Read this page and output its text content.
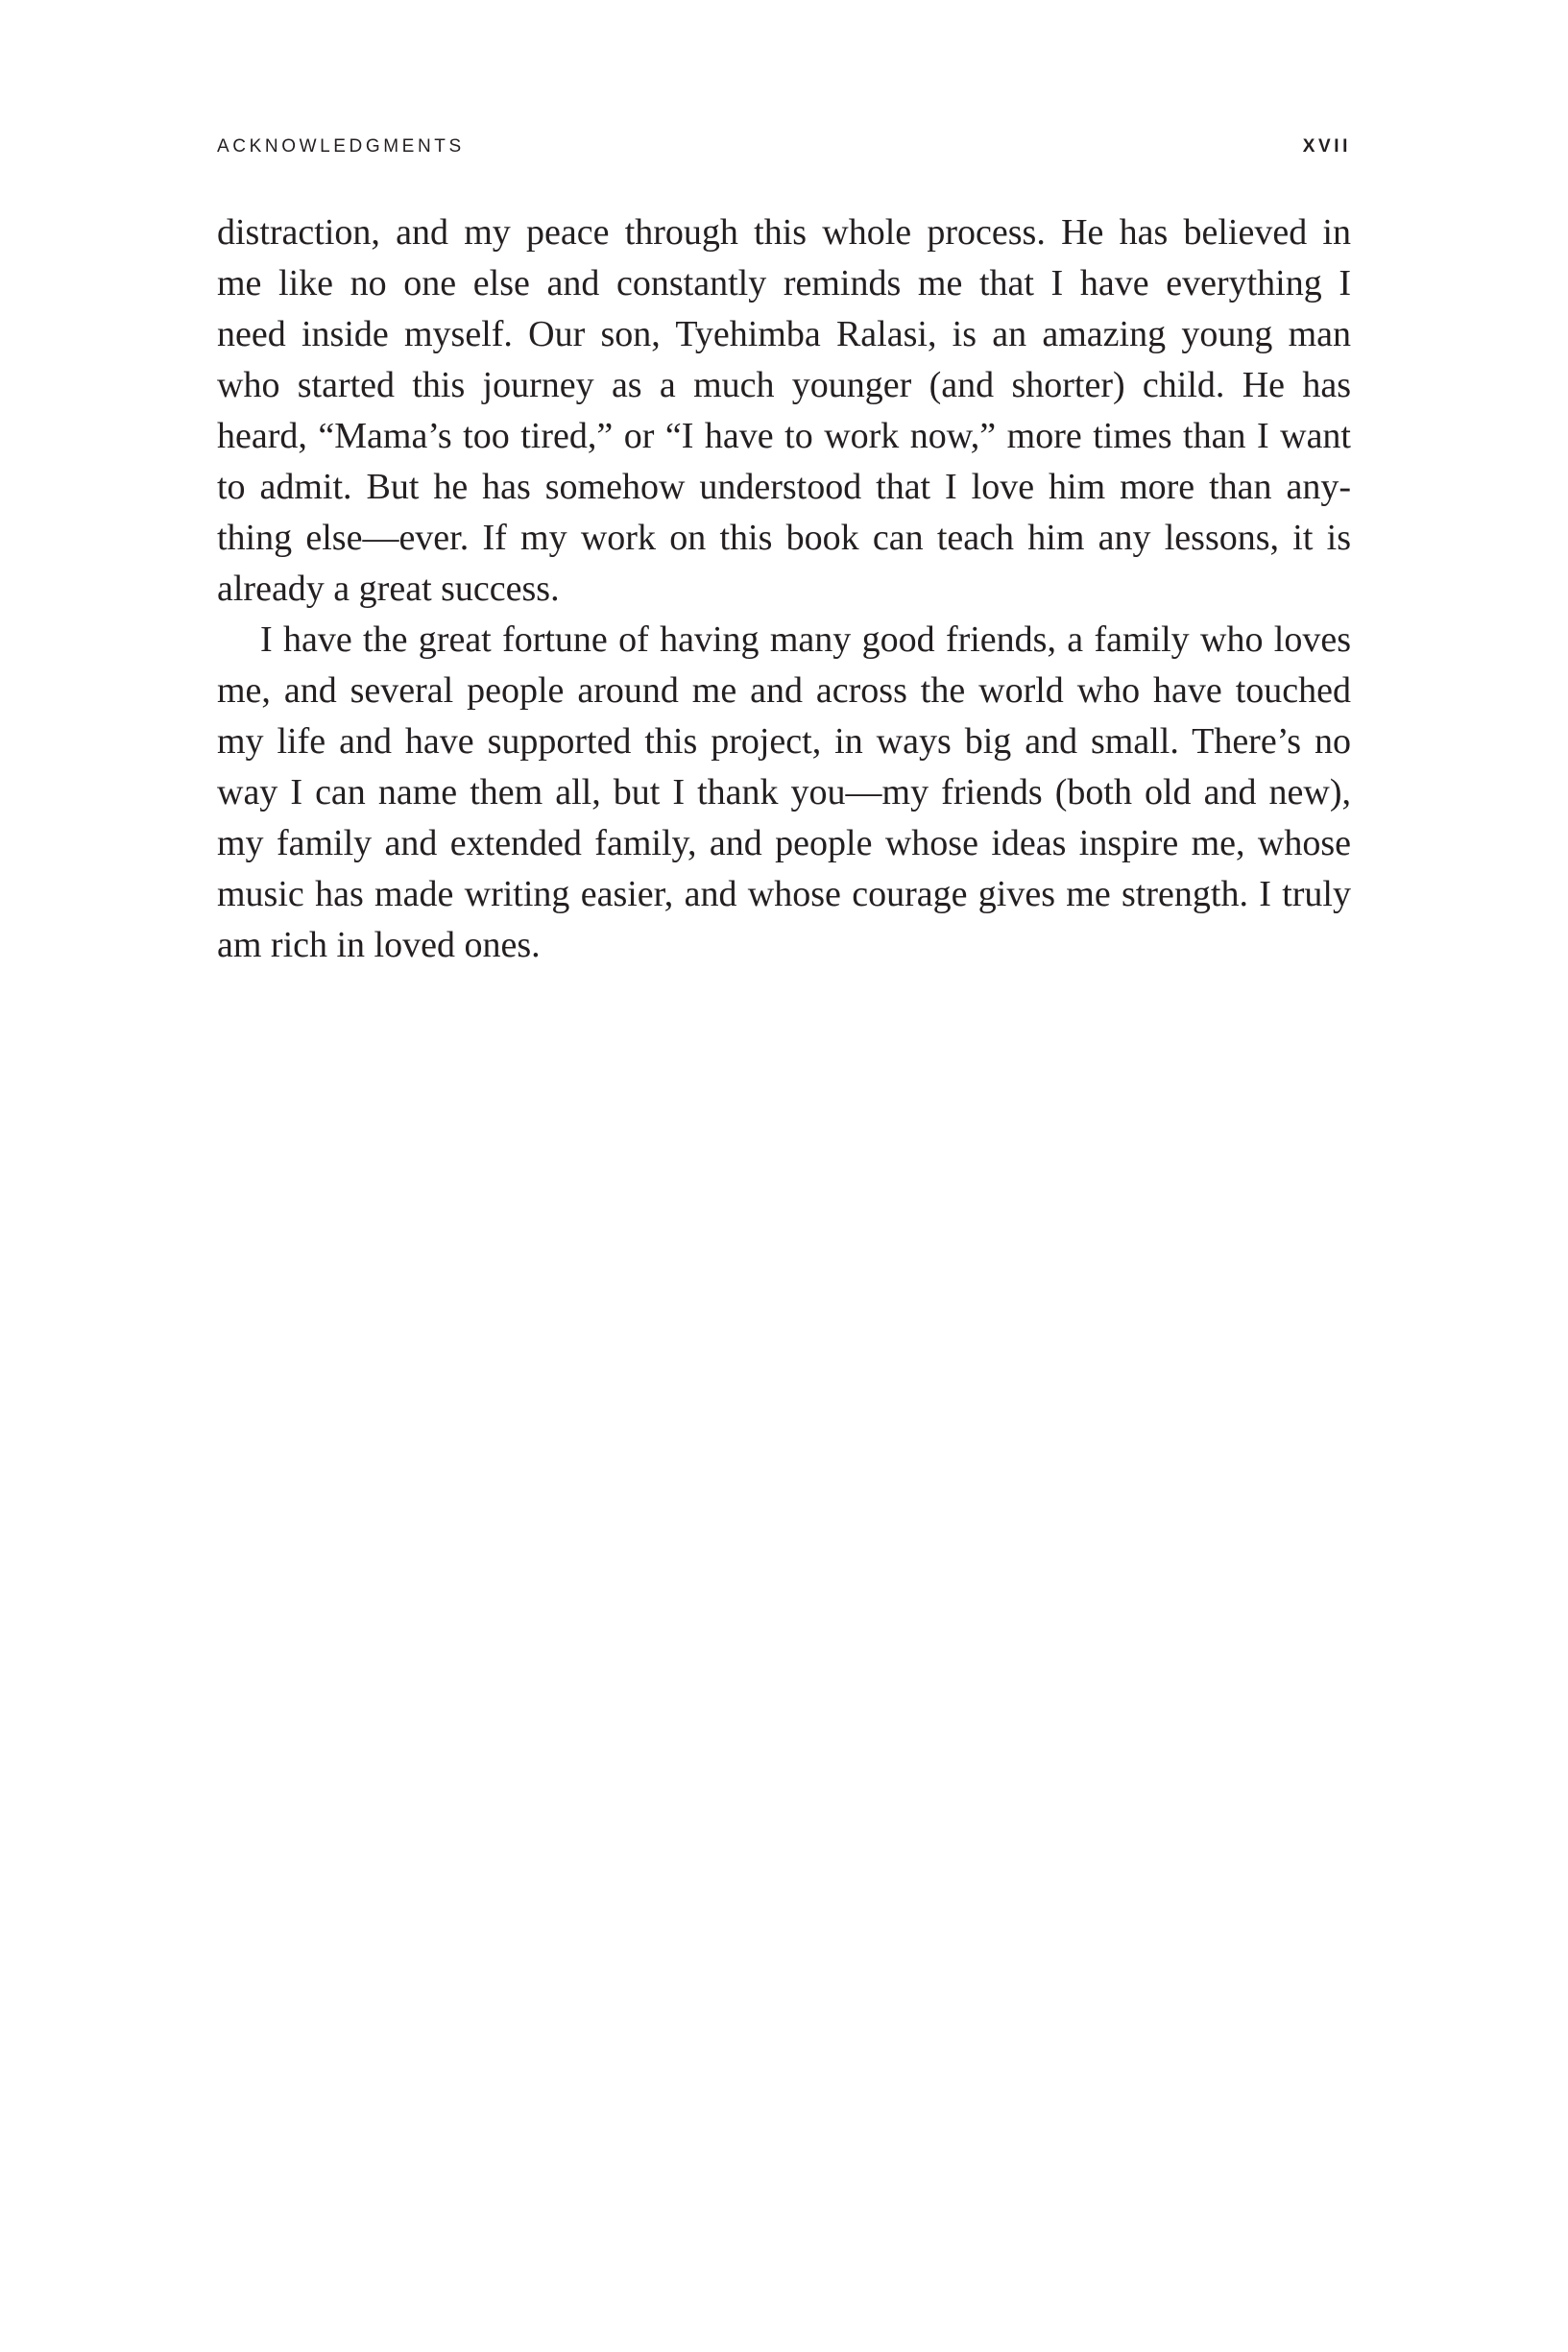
ACKNOWLEDGMENTS	XVII
distraction, and my peace through this whole process. He has believed in
me like no one else and constantly reminds me that I have everything I
need inside myself. Our son, Tyehimba Ralasi, is an amazing young man
who started this journey as a much younger (and shorter) child. He has
heard, “Mama’s too tired,” or “I have to work now,” more times than I want
to admit. But he has somehow understood that I love him more than any-
thing else—ever. If my work on this book can teach him any lessons, it is
already a great success.
I have the great fortune of having many good friends, a family who loves
me, and several people around me and across the world who have touched
my life and have supported this project, in ways big and small. There’s no
way I can name them all, but I thank you—my friends (both old and new),
my family and extended family, and people whose ideas inspire me, whose
music has made writing easier, and whose courage gives me strength. I truly
am rich in loved ones.
